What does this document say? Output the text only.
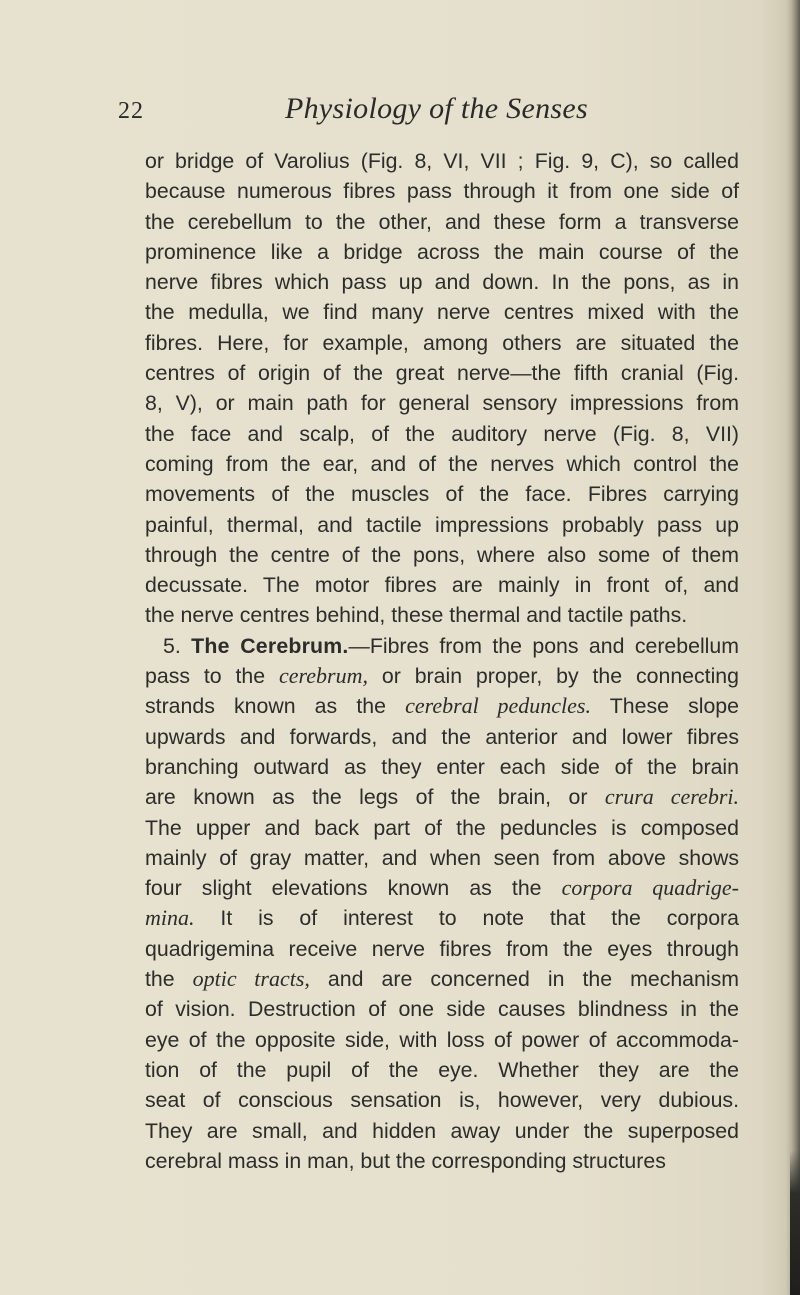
22	Physiology of the Senses
or bridge of Varolius (Fig. 8, VI, VII ; Fig. 9, C), so called
because numerous fibres pass through it from one side of
the cerebellum to the other, and these form a transverse
prominence like a bridge across the main course of the
nerve fibres which pass up and down. In the pons, as in
the medulla, we find many nerve centres mixed with the
fibres. Here, for example, among others are situated the
centres of origin of the great nerve—the fifth cranial (Fig.
8, V), or main path for general sensory impressions from
the face and scalp, of the auditory nerve (Fig. 8, VII)
coming from the ear, and of the nerves which control the
movements of the muscles of the face. Fibres carrying
painful, thermal, and tactile impressions probably pass up
through the centre of the pons, where also some of them
decussate. The motor fibres are mainly in front of, and
the nerve centres behind, these thermal and tactile paths.
5. The Cerebrum.—Fibres from the pons and cerebellum
pass to the cerebrum, or brain proper, by the connecting
strands known as the cerebral peduncles. These slope
upwards and forwards, and the anterior and lower fibres
branching outward as they enter each side of the brain
are known as the legs of the brain, or crura cerebri.
The upper and back part of the peduncles is composed
mainly of gray matter, and when seen from above shows
four slight elevations known as the corpora quadrige-
mina. It is of interest to note that the corpora
quadrigemina receive nerve fibres from the eyes through
the optic tracts, and are concerned in the mechanism
of vision. Destruction of one side causes blindness in the
eye of the opposite side, with loss of power of accommoda-
tion of the pupil of the eye. Whether they are the
seat of conscious sensation is, however, very dubious.
They are small, and hidden away under the superposed
cerebral mass in man, but the corresponding structures
